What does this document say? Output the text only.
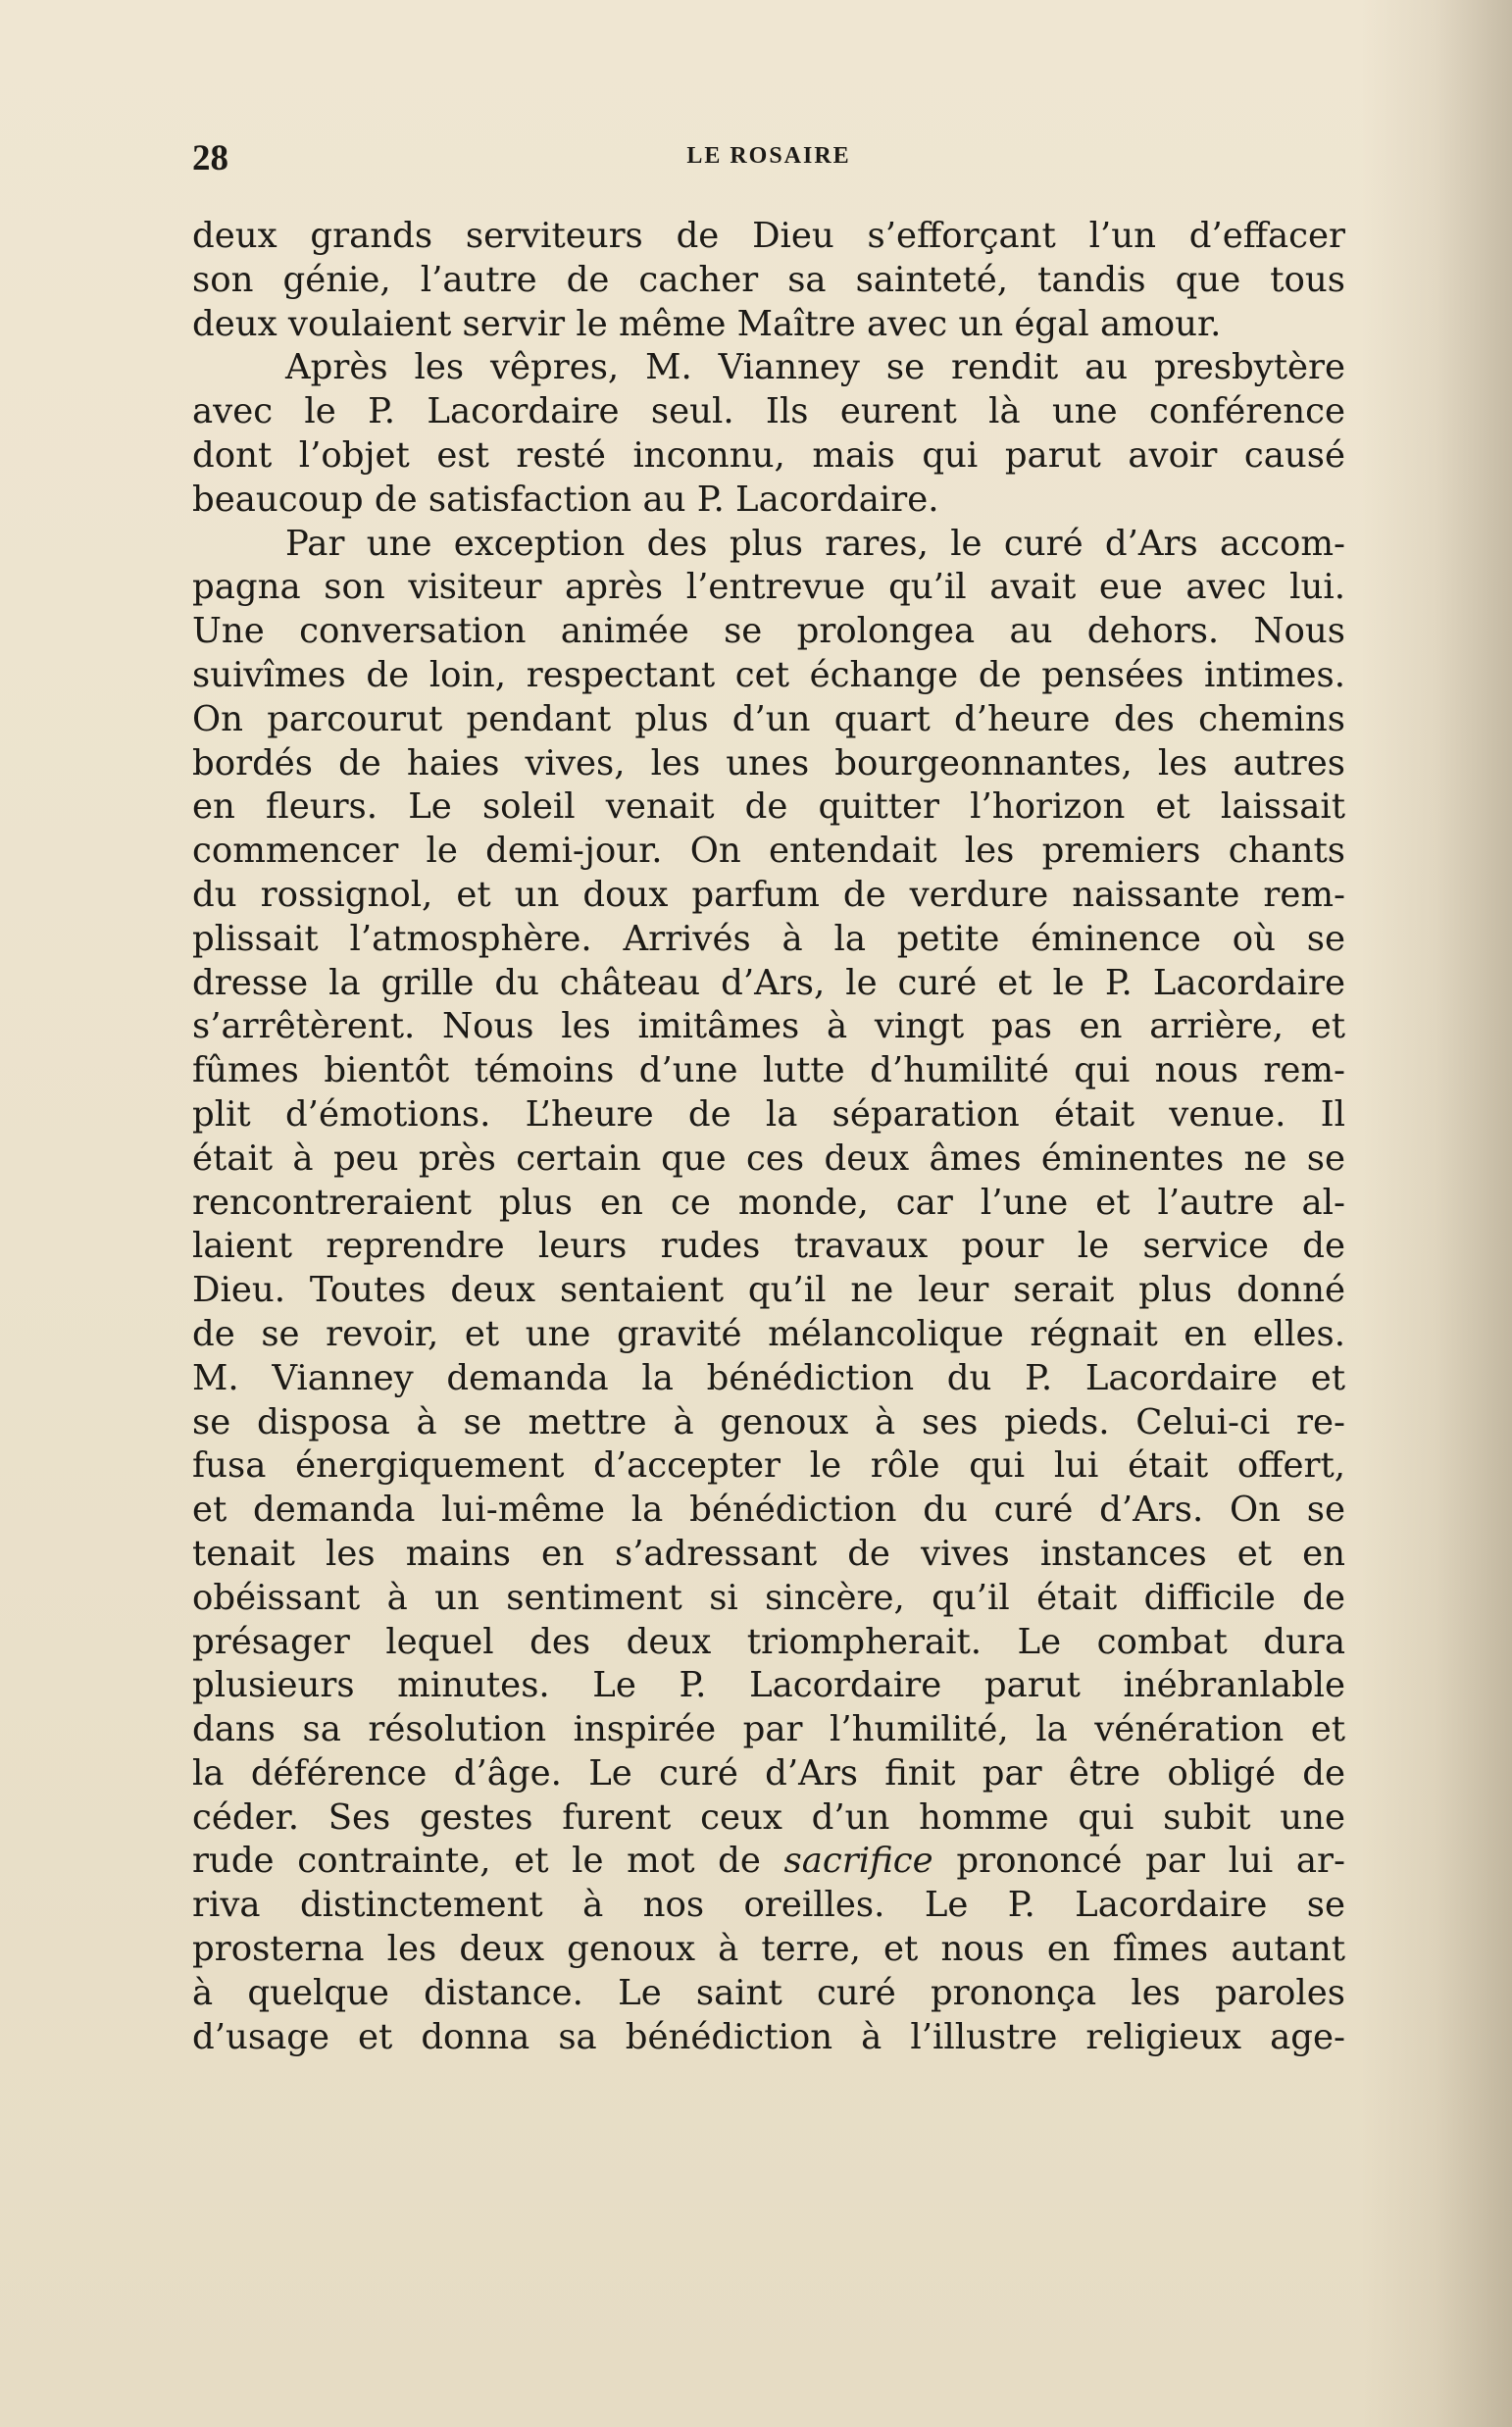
28	LE ROSAIRE
deux grands serviteurs de Dieu s’efforçant l’un d’effacer
son génie, l’autre de cacher sa sainteté, tandis que tous
deux voulaient servir le même Maître avec un égal amour.
Après les vêpres, M. Vianney se rendit au presbytère
avec le P. Lacordaire seul. Ils eurent là une conférence
dont l’objet est resté inconnu, mais qui parut avoir causé
beaucoup de satisfaction au P. Lacordaire.
Par une exception des plus rares, le curé d’Ars accom-
pagna son visiteur après l’entrevue qu’il avait eue avec lui.
Une conversation animée se prolongea au dehors. Nous
suivîmes de loin, respectant cet échange de pensées intimes.
On parcourut pendant plus d’un quart d’heure des chemins
bordés de haies vives, les unes bourgeonnantes, les autres
en fleurs. Le soleil venait de quitter l’horizon et laissait
commencer le demi-jour. On entendait les premiers chants
du rossignol, et un doux parfum de verdure naissante rem-
plissait l’atmosphère. Arrivés à la petite éminence où se
dresse la grille du château d’Ars, le curé et le P. Lacordaire
s’arrêtèrent. Nous les imitâmes à vingt pas en arrière, et
fûmes bientôt témoins d’une lutte d’humilité qui nous rem-
plit d’émotions. L’heure de la séparation était venue. Il
était à peu près certain que ces deux âmes éminentes ne se
rencontreraient plus en ce monde, car l’une et l’autre al-
laient reprendre leurs rudes travaux pour le service de
Dieu. Toutes deux sentaient qu’il ne leur serait plus donné
de se revoir, et une gravité mélancolique régnait en elles.
M. Vianney demanda la bénédiction du P. Lacordaire et
se disposa à se mettre à genoux à ses pieds. Celui-ci re-
fusa énergiquement d’accepter le rôle qui lui était offert,
et demanda lui-même la bénédiction du curé d’Ars. On se
tenait les mains en s’adressant de vives instances et en
obéissant à un sentiment si sincère, qu’il était difficile de
présager lequel des deux triompherait. Le combat dura
plusieurs minutes. Le P. Lacordaire parut inébranlable
dans sa résolution inspirée par l’humilité, la vénération et
la déférence d’âge. Le curé d’Ars finit par être obligé de
céder. Ses gestes furent ceux d’un homme qui subit une
rude contrainte, et le mot de sacrifice prononcé par lui ar-
riva distinctement à nos oreilles. Le P. Lacordaire se
prosterna les deux genoux à terre, et nous en fîmes autant
à quelque distance. Le saint curé prononça les paroles
d’usage et donna sa bénédiction à l’illustre religieux age-
